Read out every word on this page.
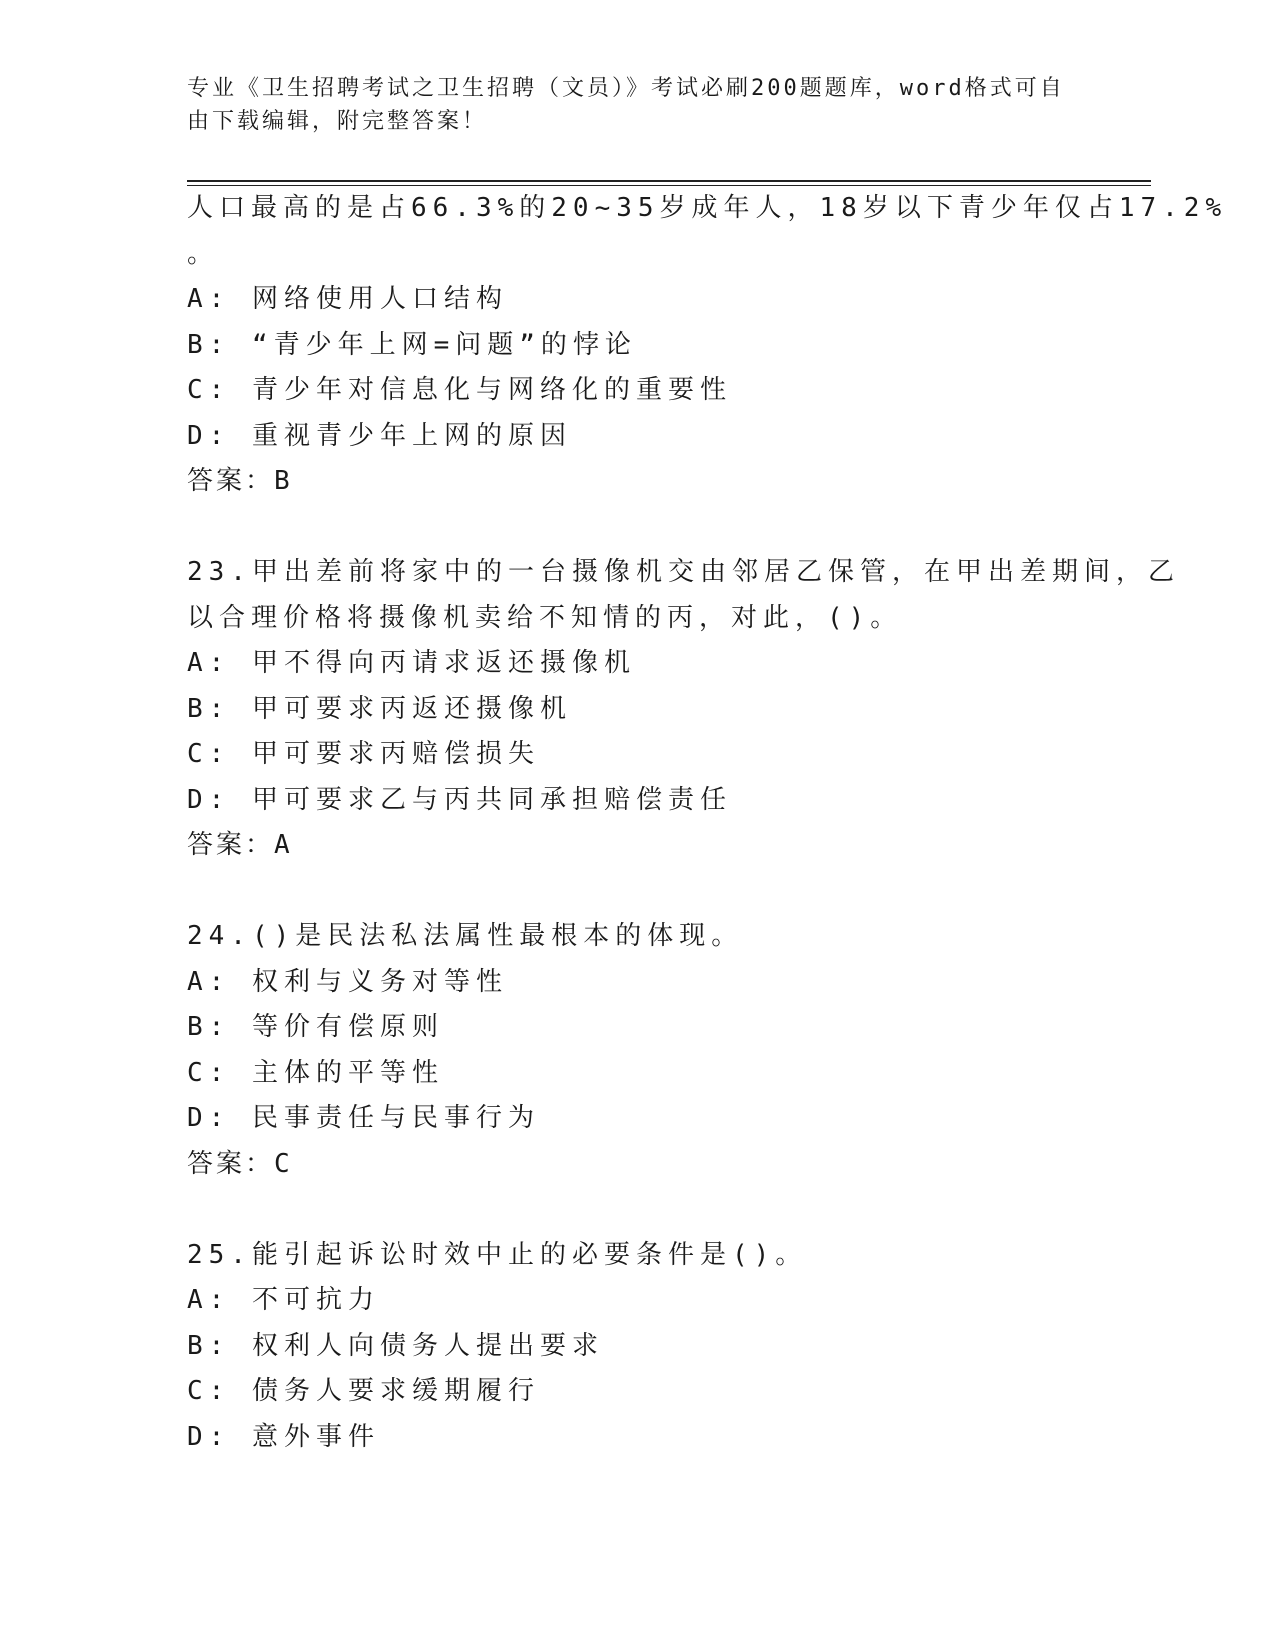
专业《卫生招聘考试之卫生招聘（文员）》考试必刷200题题库，word格式可自
由下载编辑，附完整答案！
人口最高的是占66.3%的20~35岁成年人，18岁以下青少年仅占17.2%
。
A: 网络使用人口结构
B: “青少年上网=问题”的悖论
C: 青少年对信息化与网络化的重要性
D: 重视青少年上网的原因
答案：B
23.甲出差前将家中的一台摄像机交由邻居乙保管，在甲出差期间，乙
以合理价格将摄像机卖给不知情的丙，对此，()。
A: 甲不得向丙请求返还摄像机
B: 甲可要求丙返还摄像机
C: 甲可要求丙赔偿损失
D: 甲可要求乙与丙共同承担赔偿责任
答案：A
24.()是民法私法属性最根本的体现。
A: 权利与义务对等性
B: 等价有偿原则
C: 主体的平等性
D: 民事责任与民事行为
答案：C
25.能引起诉讼时效中止的必要条件是()。
A: 不可抗力
B: 权利人向债务人提出要求
C: 债务人要求缓期履行
D: 意外事件
